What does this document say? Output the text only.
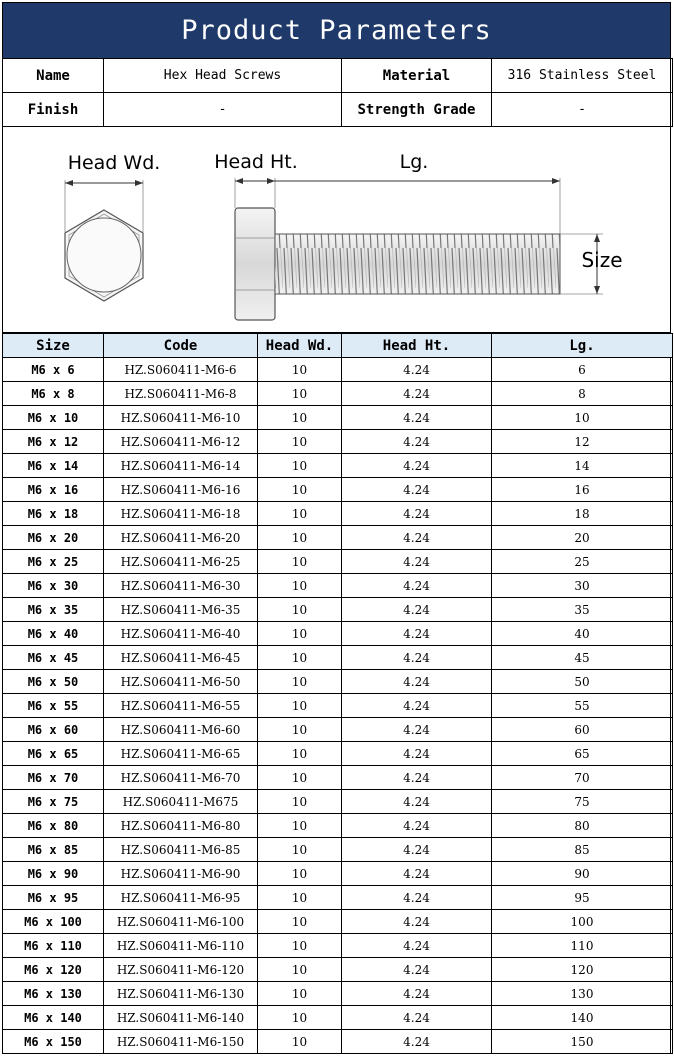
Product Parameters
Name	Hex Head Screws	Material	316 Stainless Steel
Finish	-	Strength Grade	-
Head Wd.	Head Ht.	Lg.
Size
Size	Code	Head Wd.	Head Ht.	Lg.
M6 x 6	HZ.S060411-M6-6	10	4.24	6
M6 x 8	HZ.S060411-M6-8	10	4.24	8
M6 x 10	HZ.S060411-M6-10	10	4.24	10
M6 x 12	HZ.S060411-M6-12	10	4.24	12
M6 x 14	HZ.S060411-M6-14	10	4.24	14
M6 x 16	HZ.S060411-M6-16	10	4.24	16
M6 x 18	HZ.S060411-M6-18	10	4.24	18
M6 x 20	HZ.S060411-M6-20	10	4.24	20
M6 x 25	HZ.S060411-M6-25	10	4.24	25
M6 x 30	HZ.S060411-M6-30	10	4.24	30
M6 x 35	HZ.S060411-M6-35	10	4.24	35
M6 x 40	HZ.S060411-M6-40	10	4.24	40
M6 x 45	HZ.S060411-M6-45	10	4.24	45
M6 x 50	HZ.S060411-M6-50	10	4.24	50
M6 x 55	HZ.S060411-M6-55	10	4.24	55
M6 x 60	HZ.S060411-M6-60	10	4.24	60
M6 x 65	HZ.S060411-M6-65	10	4.24	65
M6 x 70	HZ.S060411-M6-70	10	4.24	70
M6 x 75	HZ.S060411-M675	10	4.24	75
M6 x 80	HZ.S060411-M6-80	10	4.24	80
M6 x 85	HZ.S060411-M6-85	10	4.24	85
M6 x 90	HZ.S060411-M6-90	10	4.24	90
M6 x 95	HZ.S060411-M6-95	10	4.24	95
M6 x 100	HZ.S060411-M6-100	10	4.24	100
M6 x 110	HZ.S060411-M6-110	10	4.24	110
M6 x 120	HZ.S060411-M6-120	10	4.24	120
M6 x 130	HZ.S060411-M6-130	10	4.24	130
M6 x 140	HZ.S060411-M6-140	10	4.24	140
M6 x 150	HZ.S060411-M6-150	10	4.24	150
